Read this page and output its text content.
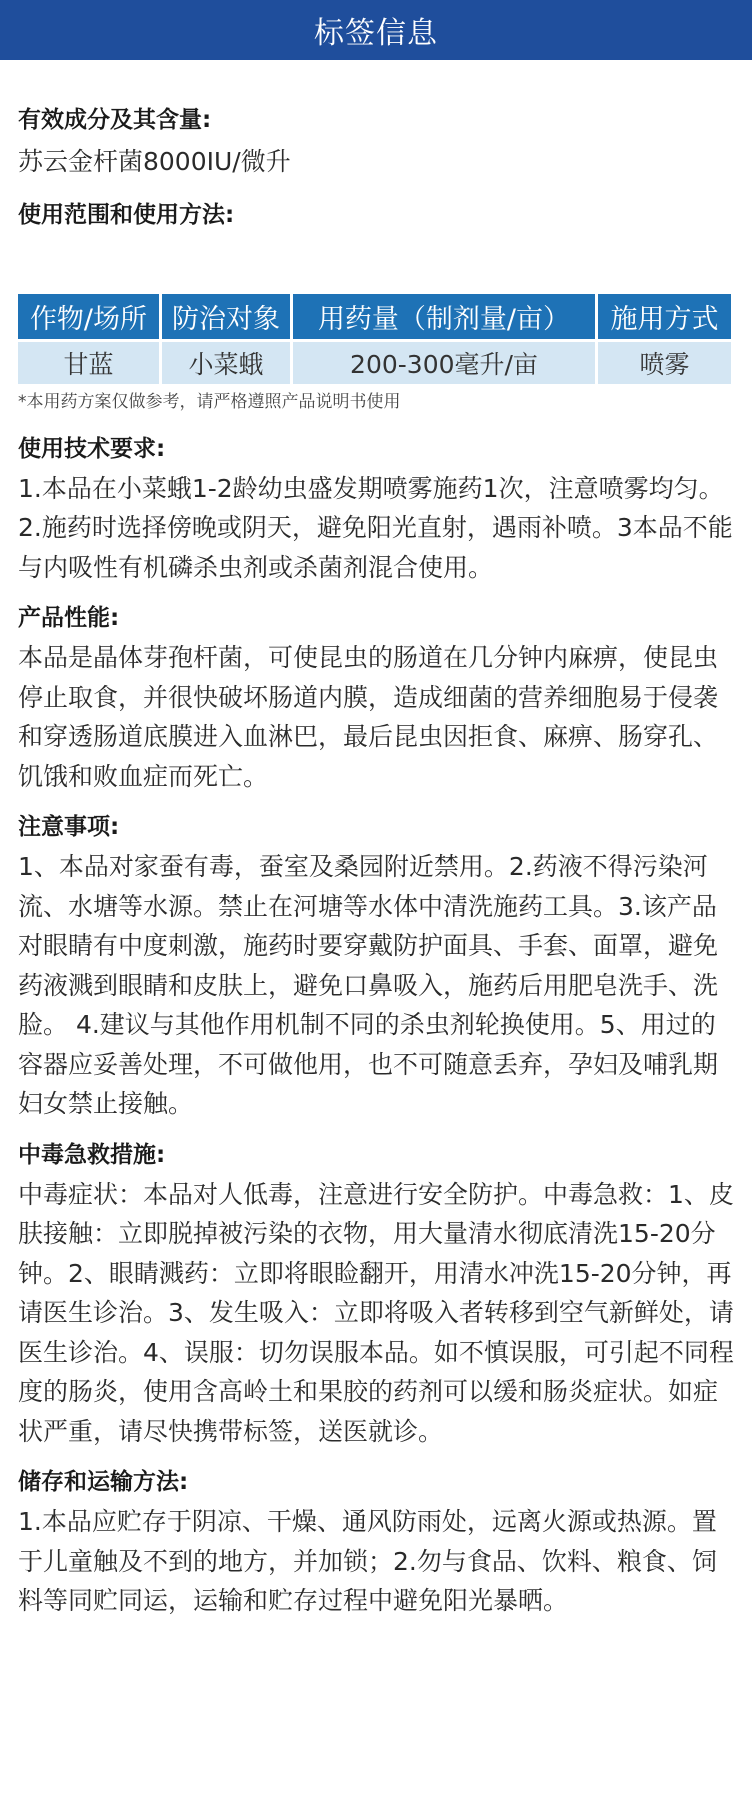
标签信息

有效成分及其含量:

苏云金杆菌8000IU/微升

使用范围和使用方法:

作物/场所	防治对象	用药量（制剂量/亩）	施用方式
甘蓝	小菜蛾	200-300毫升/亩	喷雾

*本用药方案仅做参考，请严格遵照产品说明书使用

使用技术要求:

1.本品在小菜蛾1-2龄幼虫盛发期喷雾施药1次，注意喷雾均匀。 2.施药时选择傍晚或阴天，避免阳光直射，遇雨补喷。3本品不能与内吸性有机磷杀虫剂或杀菌剂混合使用。

产品性能:

本品是晶体芽孢杆菌，可使昆虫的肠道在几分钟内麻痹，使昆虫停止取食，并很快破坏肠道内膜，造成细菌的营养细胞易于侵袭和穿透肠道底膜进入血淋巴，最后昆虫因拒食、麻痹、肠穿孔、饥饿和败血症而死亡。

注意事项:

1、本品对家蚕有毒，蚕室及桑园附近禁用。2.药液不得污染河流、水塘等水源。禁止在河塘等水体中清洗施药工具。3.该产品对眼睛有中度刺激，施药时要穿戴防护面具、手套、面罩，避免药液溅到眼睛和皮肤上，避免口鼻吸入，施药后用肥皂洗手、洗脸。 4.建议与其他作用机制不同的杀虫剂轮换使用。5、用过的容器应妥善处理，不可做他用，也不可随意丢弃，孕妇及哺乳期妇女禁止接触。

中毒急救措施:

中毒症状：本品对人低毒，注意进行安全防护。中毒急救：1、皮肤接触：立即脱掉被污染的衣物，用大量清水彻底清洗15-20分钟。2、眼睛溅药：立即将眼睑翻开，用清水冲洗15-20分钟，再请医生诊治。3、发生吸入：立即将吸入者转移到空气新鲜处，请医生诊治。4、误服：切勿误服本品。如不慎误服，可引起不同程度的肠炎，使用含高岭土和果胶的药剂可以缓和肠炎症状。如症状严重，请尽快携带标签，送医就诊。

储存和运输方法:

1.本品应贮存于阴凉、干燥、通风防雨处，远离火源或热源。置于儿童触及不到的地方，并加锁；2.勿与食品、饮料、粮食、饲料等同贮同运，运输和贮存过程中避免阳光暴晒。
